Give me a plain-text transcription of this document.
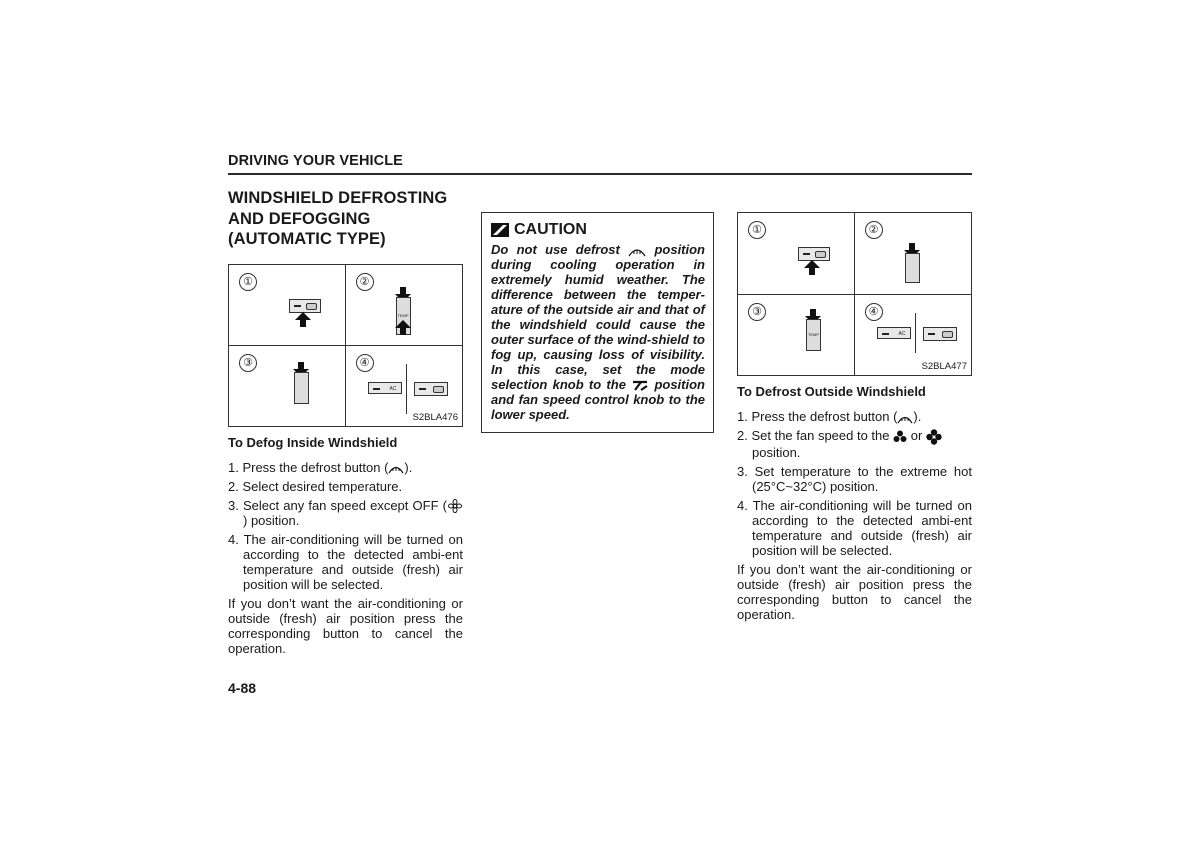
DRIVING YOUR VEHICLE
WINDSHIELD DEFROSTING
AND DEFOGGING
(AUTOMATIC TYPE)
①	②
TEMP
③	④
AC
S2BLA476
To Defog Inside Windshield
1. Press the defrost button ( ).
2. Select desired temperature.
3. Select any fan speed except OFF () position.
4. The air-conditioning will be turned on according to the detected ambi-ent temperature and outside (fresh) air position will be selected.

If you don’t want the air-conditioning or outside (fresh) air position press the corresponding button to cancel the operation.

CAUTION
Do not use defrost	position during cooling operation in extremely humid weather. The difference between the temper-ature of the outside air and that of the windshield could cause the outer surface of the wind-shield to fog up, causing loss of visibility. In this case, set the mode selection knob to the position and fan speed control knob to the lower speed.
①	②
③
TEMP
④
AC
S2BLA477
To Defrost Outside Windshield
1. Press the defrost button ( ).
2. Set the fan speed to the or
position.
3. Set temperature to the extreme hot (25°C~32°C) position.
4. The air-conditioning will be turned on according to the detected ambi-ent temperature and outside (fresh) air position will be selected.

If you don’t want the air-conditioning or outside (fresh) air position press the corresponding button to cancel the operation.

4-88
